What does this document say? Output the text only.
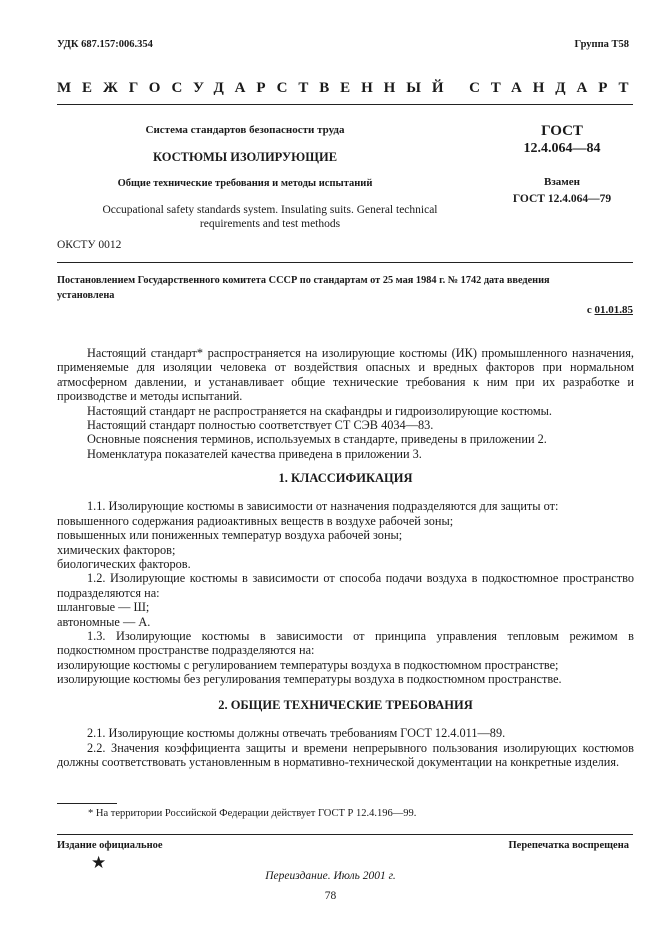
УДК 687.157:006.354	Группа Т58
МЕЖГОСУДАРСТВЕННЫЙ СТАНДАРТ
Система стандартов безопасности труда
КОСТЮМЫ ИЗОЛИРУЮЩИЕ
Общие технические требования и методы испытаний
Occupational safety standards system. Insulating suits. General technical
requirements and test methods
ГОСТ
12.4.064—84
Взамен
ГОСТ 12.4.064—79
ОКСТУ 0012
Постановлением Государственного комитета СССР по стандартам от 25 мая 1984 г. № 1742 дата введения
установлена
с 01.01.85

Настоящий стандарт* распространяется на изолирующие костюмы (ИК) промышленного назначения, применяемые для изоляции человека от воздействия опасных и вредных факторов при нормальном атмосферном давлении, и устанавливает общие технические требования к ним при их разработке и производстве и методы испытаний.

Настоящий стандарт не распространяется на скафандры и гидроизолирующие костюмы.

Настоящий стандарт полностью соответствует СТ СЭВ 4034—83.

Основные пояснения терминов, используемых в стандарте, приведены в приложении 2.

Номенклатура показателей качества приведена в приложении 3.

1. КЛАССИФИКАЦИЯ

1.1. Изолирующие костюмы в зависимости от назначения подразделяются для защиты от:

повышенного содержания радиоактивных веществ в воздухе рабочей зоны;

повышенных или пониженных температур воздуха рабочей зоны;

химических факторов;

биологических факторов.

1.2. Изолирующие костюмы в зависимости от способа подачи воздуха в подкостюмное пространство подразделяются на:

шланговые — Ш;

автономные — А.

1.3. Изолирующие костюмы в зависимости от принципа управления тепловым режимом в подкостюмном пространстве подразделяются на:

изолирующие костюмы с регулированием температуры воздуха в подкостюмном пространстве;

изолирующие костюмы без регулирования температуры воздуха в подкостюмном пространстве.

2. ОБЩИЕ ТЕХНИЧЕСКИЕ ТРЕБОВАНИЯ

2.1. Изолирующие костюмы должны отвечать требованиям ГОСТ 12.4.011—89.

2.2. Значения коэффициента защиты и времени непрерывного пользования изолирующих костюмов должны соответствовать установленным в нормативно-технической документации на конкретные изделия.

* На территории Российской Федерации действует ГОСТ Р 12.4.196—99.
Издание официальное	Перепечатка воспрещена
★
Переиздание. Июль 2001 г.
78
